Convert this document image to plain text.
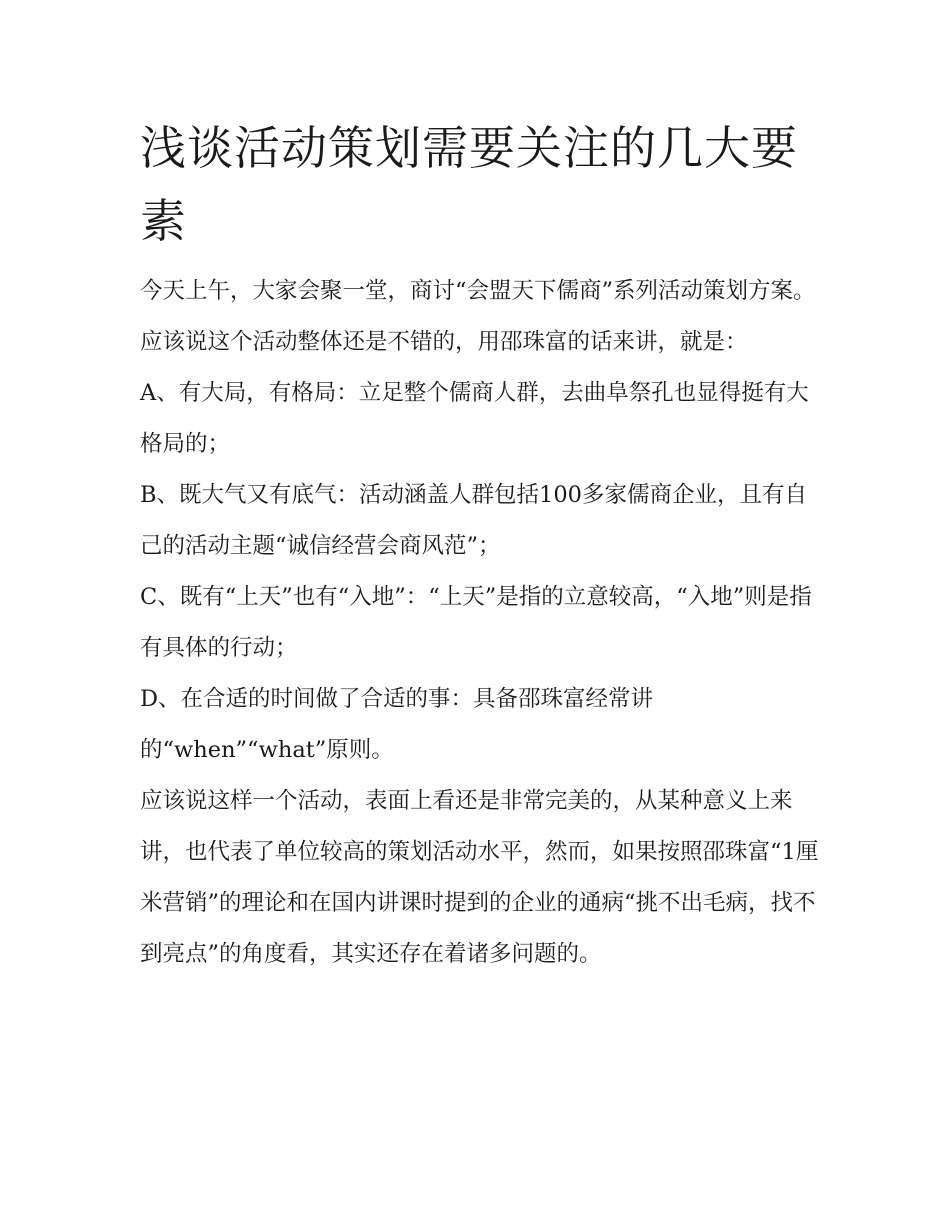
浅谈活动策划需要关注的几大要素

今天上午，大家会聚一堂，商讨“会盟天下儒商”系列活动策划方案。应该说这个活动整体还是不错的，用邵珠富的话来讲，就是：

A、有大局，有格局：立足整个儒商人群，去曲阜祭孔也显得挺有大格局的；

B、既大气又有底气：活动涵盖人群包括100多家儒商企业，且有自己的活动主题“诚信经营会商风范”；

C、既有“上天”也有“入地”：“上天”是指的立意较高，“入地”则是指有具体的行动；

D、在合适的时间做了合适的事：具备邵珠富经常讲的“when”“what”原则。

应该说这样一个活动，表面上看还是非常完美的，从某种意义上来讲，也代表了单位较高的策划活动水平，然而，如果按照邵珠富“1厘米营销”的理论和在国内讲课时提到的企业的通病“挑不出毛病，找不到亮点”的角度看，其实还存在着诸多问题的。
